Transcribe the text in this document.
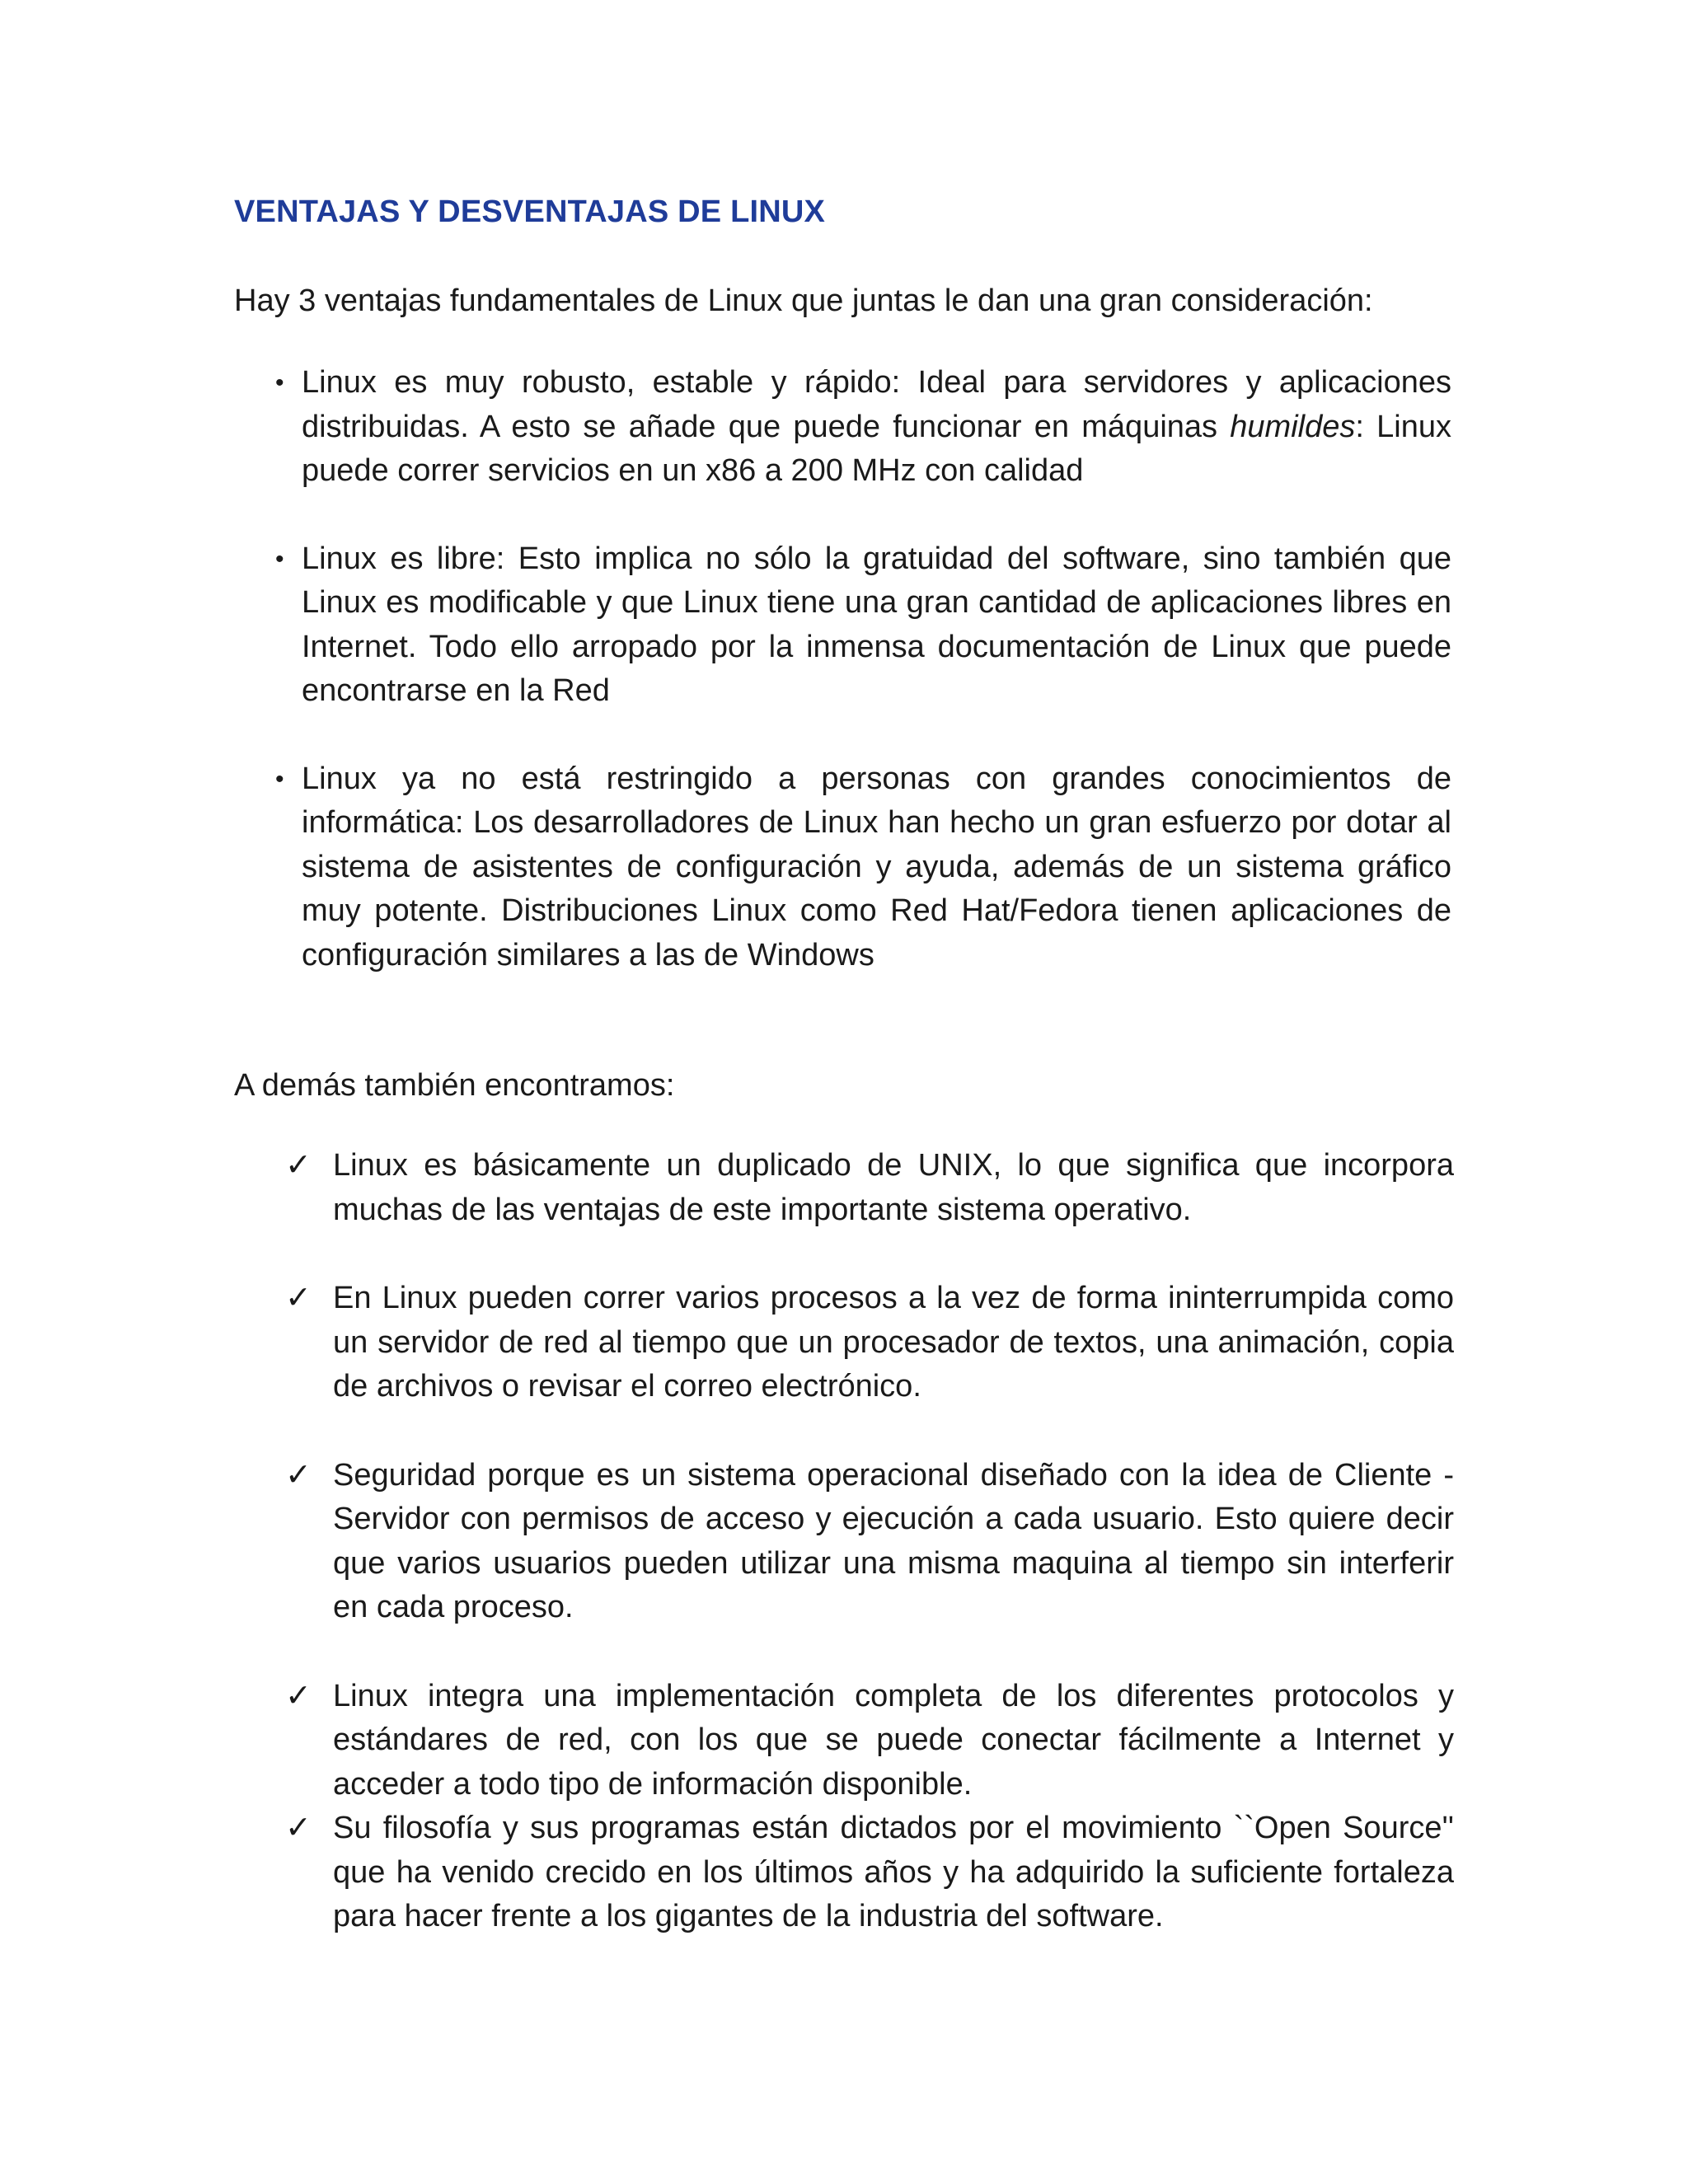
VENTAJAS Y DESVENTAJAS DE LINUX
Hay 3 ventajas fundamentales de Linux que juntas le dan una gran consideración:
• Linux es muy robusto, estable y rápido: Ideal para servidores y aplicaciones distribuidas. A esto se añade que puede funcionar en máquinas humildes: Linux puede correr servicios en un x86 a 200 MHz con calidad
• Linux es libre: Esto implica no sólo la gratuidad del software, sino también que Linux es modificable y que Linux tiene una gran cantidad de aplicaciones libres en Internet. Todo ello arropado por la inmensa documentación de Linux que puede encontrarse en la Red
• Linux ya no está restringido a personas con grandes conocimientos de informática: Los desarrolladores de Linux han hecho un gran esfuerzo por dotar al sistema de asistentes de configuración y ayuda, además de un sistema gráfico muy potente. Distribuciones Linux como Red Hat/Fedora tienen aplicaciones de configuración similares a las de Windows
A demás también encontramos:
✓ Linux es básicamente un duplicado de UNIX, lo que significa que incorpora muchas de las ventajas de este importante sistema operativo.
✓ En Linux pueden correr varios procesos a la vez de forma ininterrumpida como un servidor de red al tiempo que un procesador de textos, una animación, copia de archivos o revisar el correo electrónico.
✓ Seguridad porque es un sistema operacional diseñado con la idea de Cliente - Servidor con permisos de acceso y ejecución a cada usuario. Esto quiere decir que varios usuarios pueden utilizar una misma maquina al tiempo sin interferir en cada proceso.
✓ Linux integra una implementación completa de los diferentes protocolos y estándares de red, con los que se puede conectar fácilmente a Internet y acceder a todo tipo de información disponible.
✓ Su filosofía y sus programas están dictados por el movimiento ``Open Source'' que ha venido crecido en los últimos años y ha adquirido la suficiente fortaleza para hacer frente a los gigantes de la industria del software.
